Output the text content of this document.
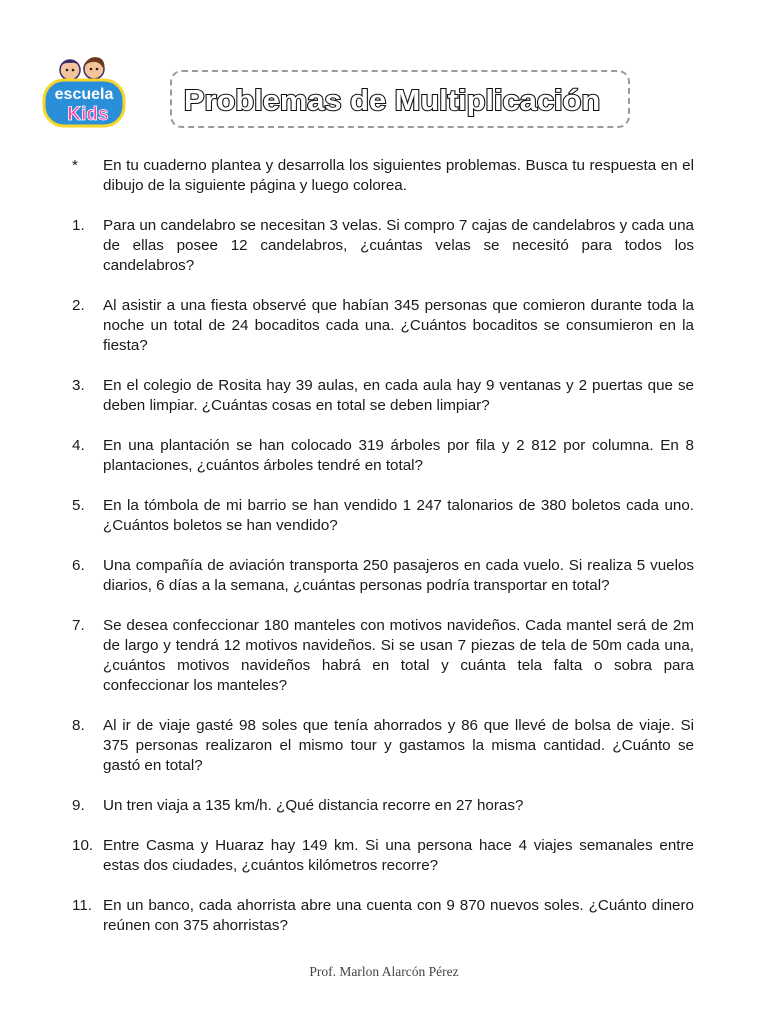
escuela
Kids Problemas de Multiplicación
*	En tu cuaderno plantea y desarrolla los siguientes problemas. Busca tu respuesta en el dibujo de la siguiente página y luego colorea.
1.	Para un candelabro se necesitan 3 velas. Si compro 7 cajas de candelabros y cada una de ellas posee 12 candelabros, ¿cuántas velas se necesitó para todos los candelabros?
2.	Al asistir a una fiesta observé que habían 345 personas que comieron durante toda la noche un total de 24 bocaditos cada una. ¿Cuántos bocaditos se consumieron en la fiesta?
3.	En el colegio de Rosita hay 39 aulas, en cada aula hay 9 ventanas y 2 puertas que se deben limpiar. ¿Cuántas cosas en total se deben limpiar?
4.	En una plantación se han colocado 319 árboles por fila y 2 812 por columna. En 8 plantaciones, ¿cuántos árboles tendré en total?
5.	En la tómbola de mi barrio se han vendido 1 247 talonarios de 380 boletos cada uno. ¿Cuántos boletos se han vendido?
6.	Una compañía de aviación transporta 250 pasajeros en cada vuelo. Si realiza 5 vuelos diarios, 6 días a la semana, ¿cuántas personas podría transportar en total?
7.	Se desea confeccionar 180 manteles con motivos navideños. Cada mantel será de 2m de largo y tendrá 12 motivos navideños. Si se usan 7 piezas de tela de 50m cada una, ¿cuántos motivos navideños habrá en total y cuánta tela falta o sobra para confeccionar los manteles?
8.	Al ir de viaje gasté 98 soles que tenía ahorrados y 86 que llevé de bolsa de viaje. Si 375 personas realizaron el mismo tour y gastamos la misma cantidad. ¿Cuánto se gastó en total?
9.	Un tren viaja a 135 km/h. ¿Qué distancia recorre en 27 horas?
10. Entre Casma y Huaraz hay 149 km. Si una persona hace 4 viajes semanales entre estas dos ciudades, ¿cuántos kilómetros recorre?
11. En un banco, cada ahorrista abre una cuenta con 9 870 nuevos soles. ¿Cuánto dinero reúnen con 375 ahorristas?
Prof. Marlon Alarcón Pérez
